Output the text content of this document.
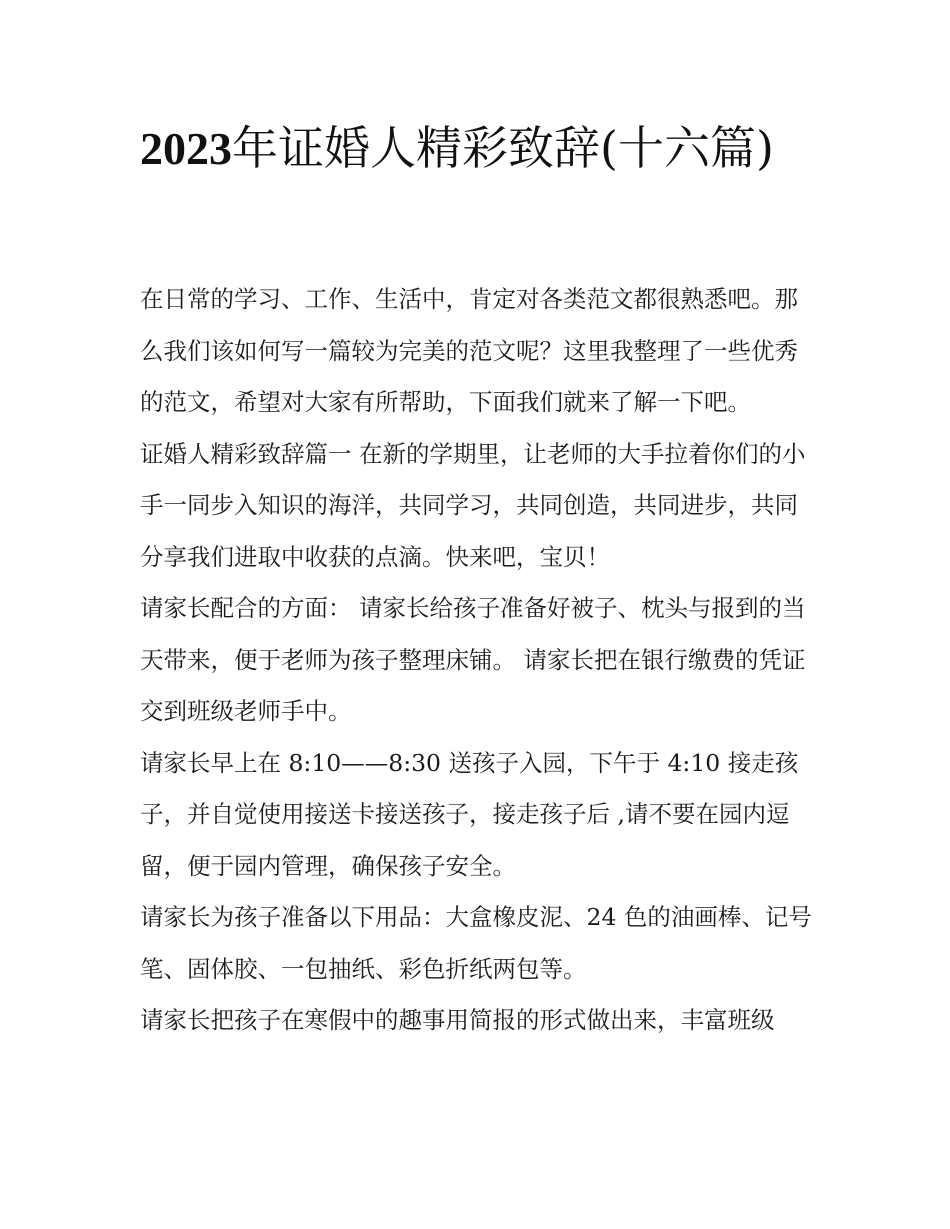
2023年证婚人精彩致辞(十六篇)

在日常的学习、工作、生活中，肯定对各类范文都很熟悉吧。那么我们该如何写一篇较为完美的范文呢？这里我整理了一些优秀的范文，希望对大家有所帮助，下面我们就来了解一下吧。

证婚人精彩致辞篇一 在新的学期里，让老师的大手拉着你们的小手一同步入知识的海洋，共同学习，共同创造，共同进步，共同分享我们进取中收获的点滴。快来吧，宝贝！

请家长配合的方面： 请家长给孩子准备好被子、枕头与报到的当天带来，便于老师为孩子整理床铺。 请家长把在银行缴费的凭证交到班级老师手中。

请家长早上在 8:10——8:30 送孩子入园，下午于 4:10 接走孩子，并自觉使用接送卡接送孩子，接走孩子后 ,请不要在园内逗留，便于园内管理，确保孩子安全。

请家长为孩子准备以下用品：大盒橡皮泥、24 色的油画棒、记号笔、固体胶、一包抽纸、彩色折纸两包等。

请家长把孩子在寒假中的趣事用简报的形式做出来，丰富班级
